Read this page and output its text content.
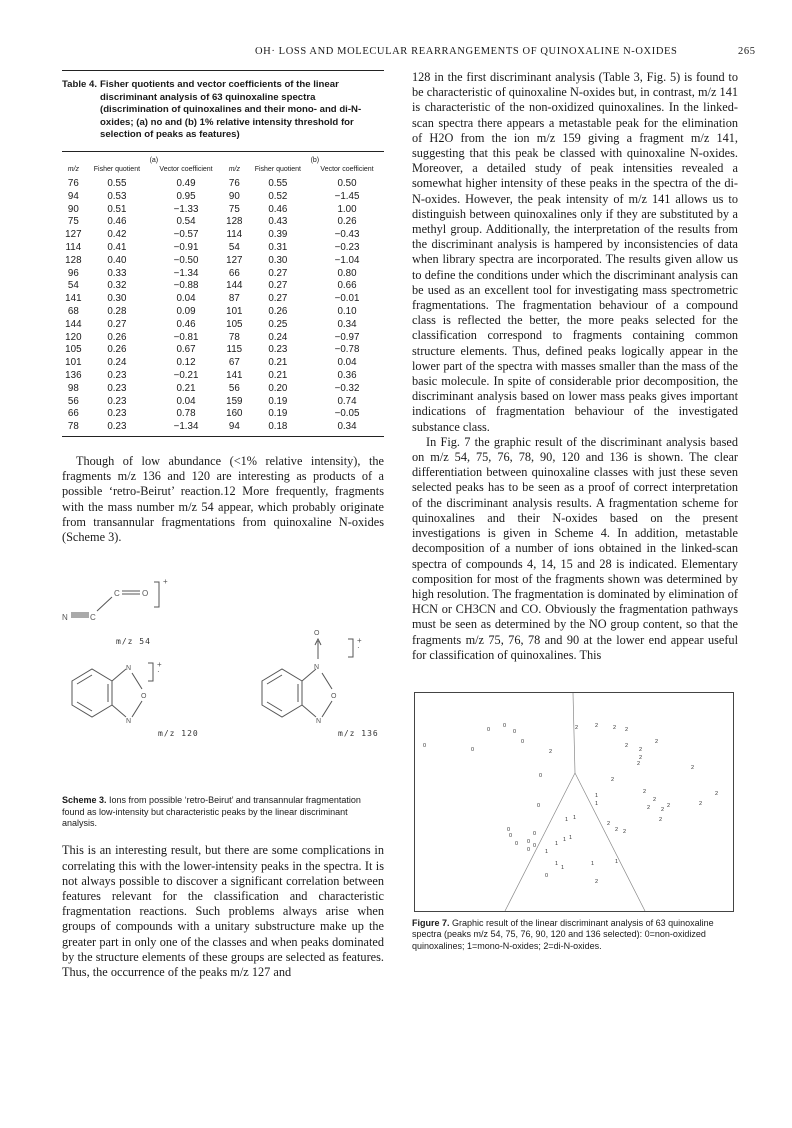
OH· LOSS AND MOLECULAR REARRANGEMENTS OF QUINOXALINE N-OXIDES	265
Table 4. Fisher quotients and vector coefficients of the linear discriminant analysis of 63 quinoxaline spectra (discrimination of quinoxalines and their mono- and di-N-oxides; (a) no and (b) 1% relative intensity threshold for selection of peaks as features)
	(a)			(b)	
m/z	Fisher quotient	Vector coefficient	m/z	Fisher quotient	Vector coefficient
76	0.55	0.49	76	0.55	0.50
94	0.53	0.95	90	0.52	−1.45
90	0.51	−1.33	75	0.46	1.00
75	0.46	0.54	128	0.43	0.26
127	0.42	−0.57	114	0.39	−0.43
114	0.41	−0.91	54	0.31	−0.23
128	0.40	−0.50	127	0.30	−1.04
96	0.33	−1.34	66	0.27	0.80
54	0.32	−0.88	144	0.27	0.66
141	0.30	0.04	87	0.27	−0.01
68	0.28	0.09	101	0.26	0.10
144	0.27	0.46	105	0.25	0.34
120	0.26	−0.81	78	0.24	−0.97
105	0.26	0.67	115	0.23	−0.78
101	0.24	0.12	67	0.21	0.04
136	0.23	−0.21	141	0.21	0.36
98	0.23	0.21	56	0.20	−0.32
56	0.23	0.04	159	0.19	0.74
66	0.23	0.78	160	0.19	−0.05
78	0.23	−1.34	94	0.18	0.34

Though of low abundance (<1% relative intensity), the fragments m/z 136 and 120 are interesting as products of a possible ‘retro-Beirut’ reaction.12 More frequently, fragments with the mass number m/z 54 appear, which probably originate from transannular fragmentations from quinoxaline N-oxides (Scheme 3).

N	C
C	O
+
N
N
O
+
·	N
N
O
O
+
·
m/z 54
m/z 120	m/z 136
Scheme 3. Ions from possible ‘retro-Beirut’ and transannular fragmentation found as low-intensity but characteristic peaks by the linear discriminant analysis.

This is an interesting result, but there are some complications in correlating this with the lower-intensity peaks in the spectra. It is not always possible to discover a significant correlation between features relevant for the classification and characteristic fragmentation reactions. Such problems always arise when groups of compounds with a unitary substructure make up the greater part in only one of the classes and when peaks dominated by the structure elements of these groups are selected as features. Thus, the occurrence of the peaks m/z 127 and

128 in the first discriminant analysis (Table 3, Fig. 5) is found to be characteristic of quinoxaline N-oxides but, in contrast, m/z 141 is characteristic of the non-oxidized quinoxalines. In the linked-scan spectra there appears a metastable peak for the elimination of H2O from the ion m/z 159 giving a fragment m/z 141, suggesting that this peak be classed with quinoxaline N-oxides. Moreover, a detailed study of peak intensities revealed a somewhat higher intensity of these peaks in the spectra of the di-N-oxides. However, the peak intensity of m/z 141 allows us to distinguish between quinoxalines only if they are substituted by a methyl group. Additionally, the interpretation of the results from the discriminant analysis is hampered by inconsistencies of data when library spectra are incorporated. The results given allow us to define the conditions under which the discriminant analysis can be used as an excellent tool for investigating mass spectrometric fragmentations. The fragmentation behaviour of a compound class is reflected the better, the more peaks selected for the classification correspond to fragments containing common structure elements. Thus, defined peaks logically appear in the lower part of the spectra with masses smaller than the mass of the basic molecule. In spite of considerable prior decomposition, the discriminant analysis based on lower mass peaks gives important indications of fragmentation behaviour of the investigated substance class.

In Fig. 7 the graphic result of the discriminant analysis based on m/z 54, 75, 76, 78, 90, 120 and 136 is shown. The clear differentiation between quinoxaline classes with just these seven selected peaks has to be seen as a proof of correct interpretation of the discriminant analysis results. A fragmentation scheme for quinoxalines and their N-oxides based on the present investigations is given in Scheme 4. In addition, metastable decomposition of a number of ions obtained in the linked-scan spectra of compounds 4, 14, 15 and 28 is indicated. Elementary composition for most of the fragments shown was determined by high resolution. The fragmentation is dominated by elimination of HCN or CH3CN and CO. Obviously the fragmentation pathways must be seen as determined by the NO group content, so that the fragments m/z 75, 76, 78 and 90 at the lower end appear useful for classification of quinoxalines. This

0
0
0
0
0
0
0
0
0
0
0 0
0
0
0
0	1
1
1 1
1 1
1
1
1	1
1
1
2	2	2 2
2
2
2
2
2
2
2
2
2
2
2 2
2
2
2
2
2 2
2
2
Figure 7. Graphic result of the linear discriminant analysis of 63 quinoxaline spectra (peaks m/z 54, 75, 76, 90, 120 and 136 selected): 0=non-oxidized quinoxalines; 1=mono-N-oxides; 2=di-N-oxides.
